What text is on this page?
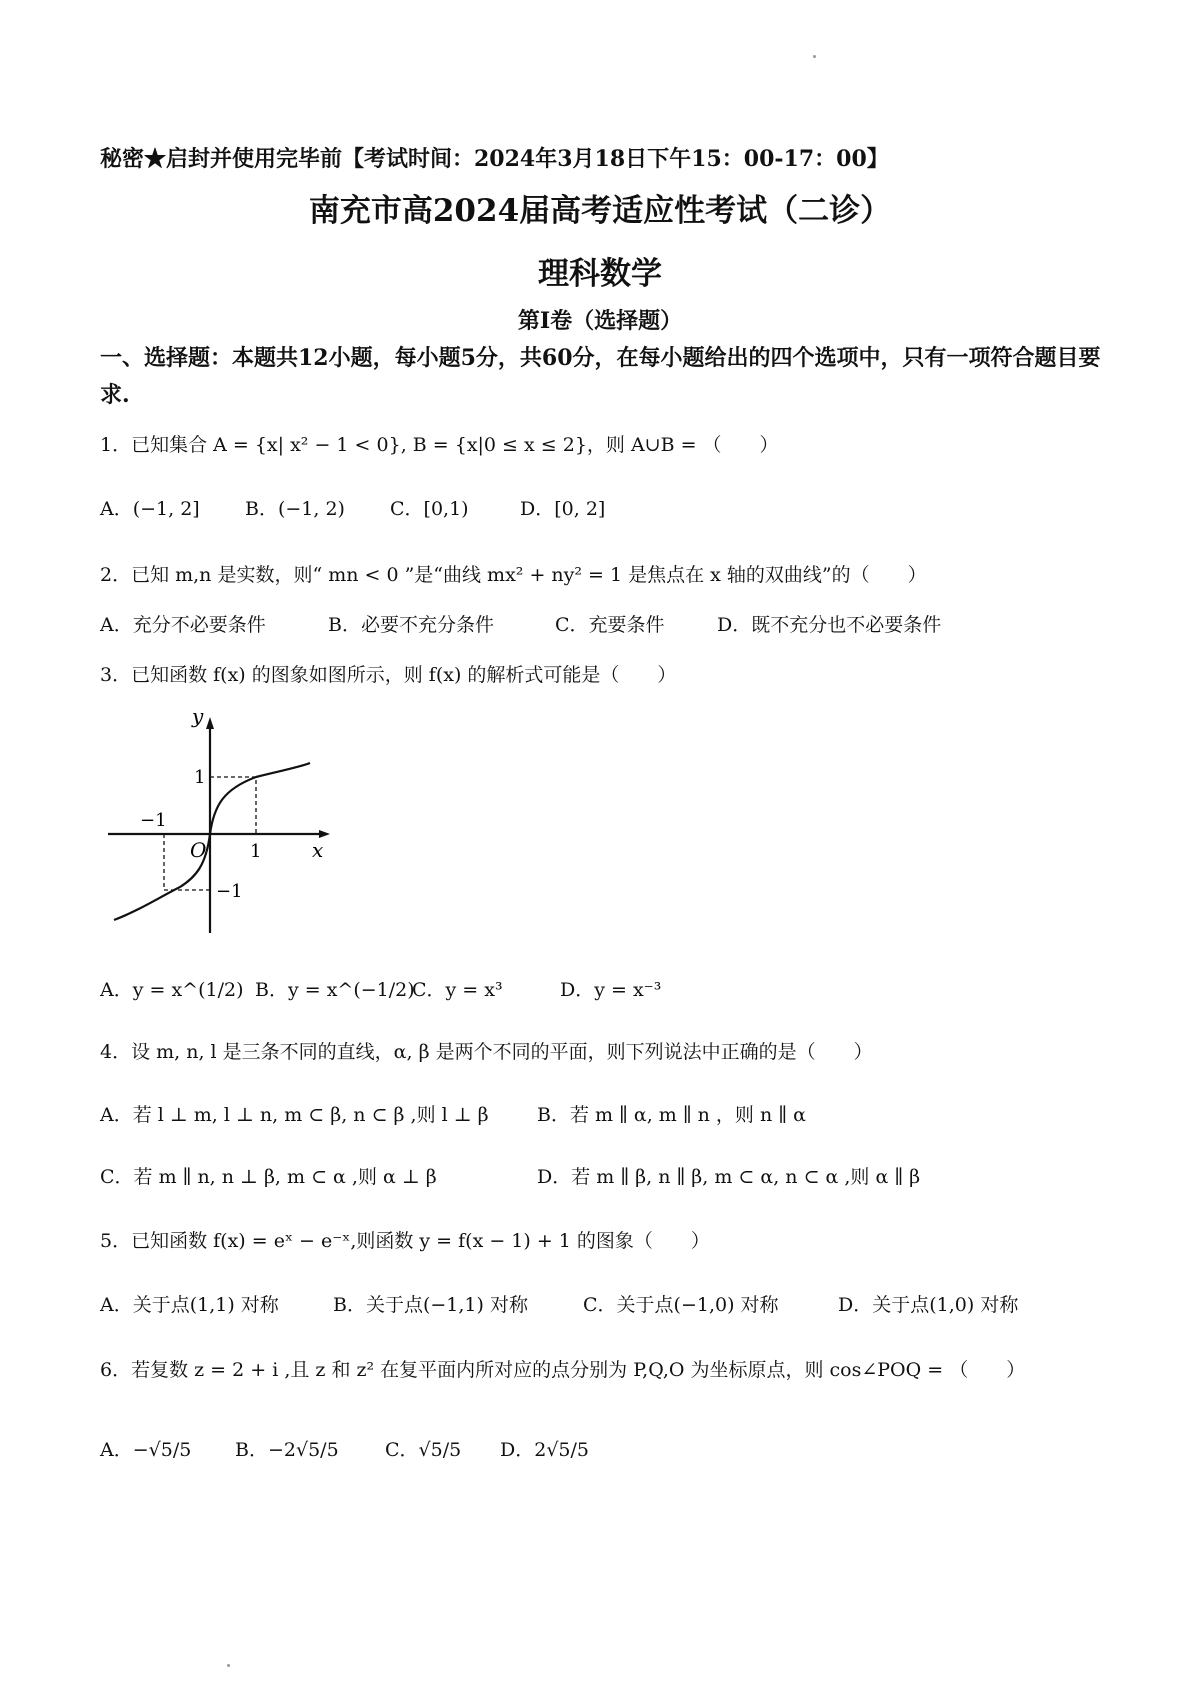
秘密★启封并使用完毕前【考试时间：2024年3月18日下午15：00-17：00】
南充市高2024届高考适应性考试（二诊）
理科数学
第Ⅰ卷（选择题）
一、选择题：本题共12小题，每小题5分，共60分，在每小题给出的四个选项中，只有一项符合题目要求.
1．已知集合 A = {x| x² − 1 < 0}, B = {x|0 ≤ x ≤ 2}，则 A∪B = （　　）
A．(−1, 2] B．(−1, 2) C．[0,1)	D．[0, 2]
2．已知 m,n 是实数，则“ mn < 0 ”是“曲线 mx² + ny² = 1 是焦点在 x 轴的双曲线”的（　　）
A．充分不必要条件	B．必要不充分条件	C．充要条件	D．既不充分也不必要条件
3．已知函数 f(x) 的图象如图所示，则 f(x) 的解析式可能是（　　）
y
x
O
1
1
−1
−1
A．y = x^(1/2) B．y = x^(−1/2)
C．y = x³	D．y = x⁻³
4．设 m, n, l 是三条不同的直线，α, β 是两个不同的平面，则下列说法中正确的是（　　）
A．若 l ⊥ m, l ⊥ n, m ⊂ β, n ⊂ β ,则 l ⊥ β	B．若 m ∥ α, m ∥ n ，则 n ∥ α
C．若 m ∥ n, n ⊥ β, m ⊂ α ,则 α ⊥ β	D．若 m ∥ β, n ∥ β, m ⊂ α, n ⊂ α ,则 α ∥ β
5．已知函数 f(x) = eˣ − e⁻ˣ,则函数 y = f(x − 1) + 1 的图象（　　）
A．关于点(1,1) 对称	B．关于点(−1,1) 对称	C．关于点(−1,0) 对称	D．关于点(1,0) 对称
6．若复数 z = 2 + i ,且 z 和 z² 在复平面内所对应的点分别为 P,Q,O 为坐标原点，则 cos∠POQ = （　　）
A．−√5/5 B．−2√5/5 C．√5/5 D．2√5/5
